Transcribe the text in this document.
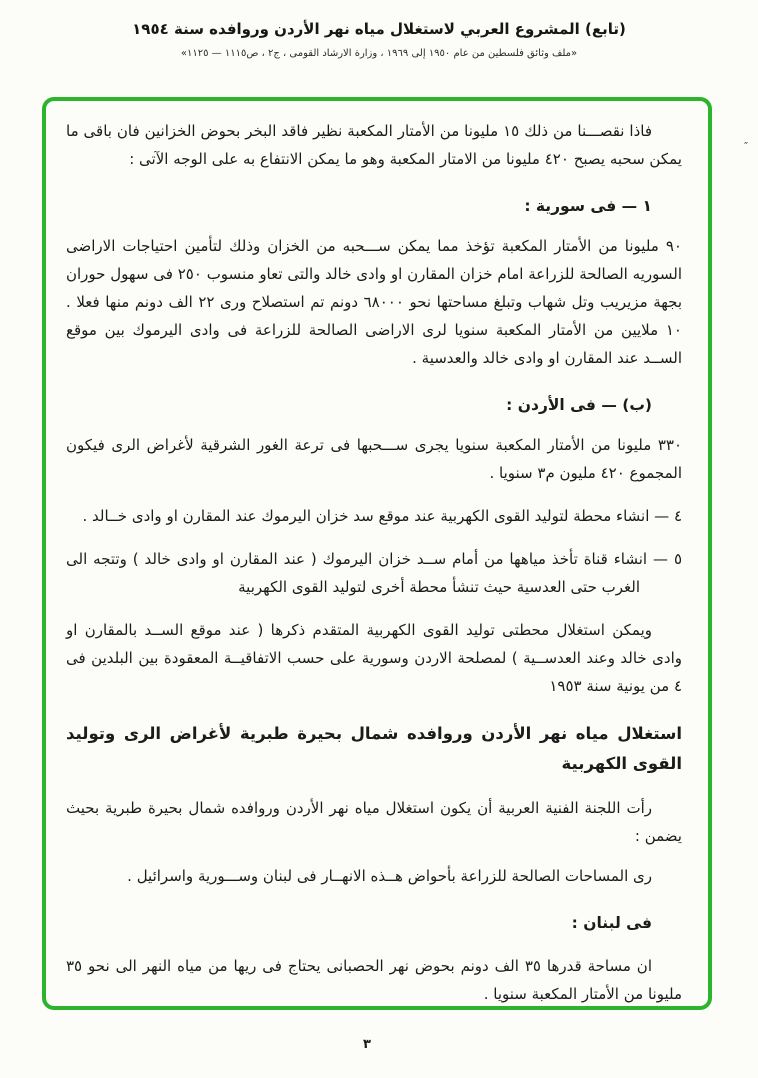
(تابع) المشروع العربي لاستغلال مياه نهر الأردن وروافده سنة ١٩٥٤
«ملف وثائق فلسطين من عام ١٩٥٠ إلى ١٩٦٩ ، وزارة الارشاد القومى ، ج٢ ، ص١١١٥ — ١١٢٥»
″

فاذا نقصـــنا من ذلك ١٥ مليونا من الأمتار المكعبة نظير فاقد البخر بحوض الخزانين فان باقى ما يمكن سحبه يصبح ٤٢٠ مليونا من الامتار المكعبة وهو ما يمكن الانتفاع به على الوجه الآتى :

١ — فى سورية :

٩٠ مليونا من الأمتار المكعبة تؤخذ مما يمكن ســـحبه من الخزان وذلك لتأمين احتياجات الاراضى السوريه الصالحة للزراعة امام خزان المقارن او وادى خالد والتى تعاو منسوب ٢٥٠ فى سهول حوران بجهة مزيريب وتل شهاب وتبلغ مساحتها نحو ٦٨٠٠٠ دونم تم استصلاح ورى ٢٢ الف دونم منها فعلا . ١٠ ملايين من الأمتار المكعبة سنويا لرى الاراضى الصالحة للزراعة فى وادى اليرموك بين موقع الســد عند المقارن او وادى خالد والعدسية .

(ب) — فى الأردن :

٣٣٠ مليونا من الأمتار المكعبة سنويا يجرى ســـحبها فى ترعة الغور الشرقية لأغراض الرى فيكون المجموع ٤٢٠ مليون م٣ سنويا .

٤ — انشاء محطة لتوليد القوى الكهربية عند موقع سد خزان اليرموك عند المقارن او وادى خــالد .

٥ — انشاء قناة تأخذ مياهها من أمام ســد خزان اليرموك ( عند المقارن او وادى خالد ) وتتجه الى الغرب حتى العدسية حيث تنشأ محطة أخرى لتوليد القوى الكهربية

ويمكن استغلال محطتى توليد القوى الكهربية المتقدم ذكرها ( عند موقع الســد بالمقارن او وادى خالد وعند العدســية ) لمصلحة الاردن وسورية على حسب الاتفاقيــة المعقودة بين البلدين فى ٤ من يونية سنة ١٩٥٣

استغلال مياه نهر الأردن وروافده شمال بحيرة طبرية لأغراض الرى وتوليد القوى الكهربية

رأت اللجنة الفنية العربية أن يكون استغلال مياه نهر الأردن وروافده شمال بحيرة طبرية بحيث يضمن :

رى المساحات الصالحة للزراعة بأحواض هــذه الانهــار فى لبنان وســـورية واسرائيل .

فى لبنان :

ان مساحة قدرها ٣٥ الف دونم بحوض نهر الحصبانى يحتاج فى ريها من مياه النهر الى نحو ٣٥ مليونا من الأمتار المكعبة سنويا .

٣
